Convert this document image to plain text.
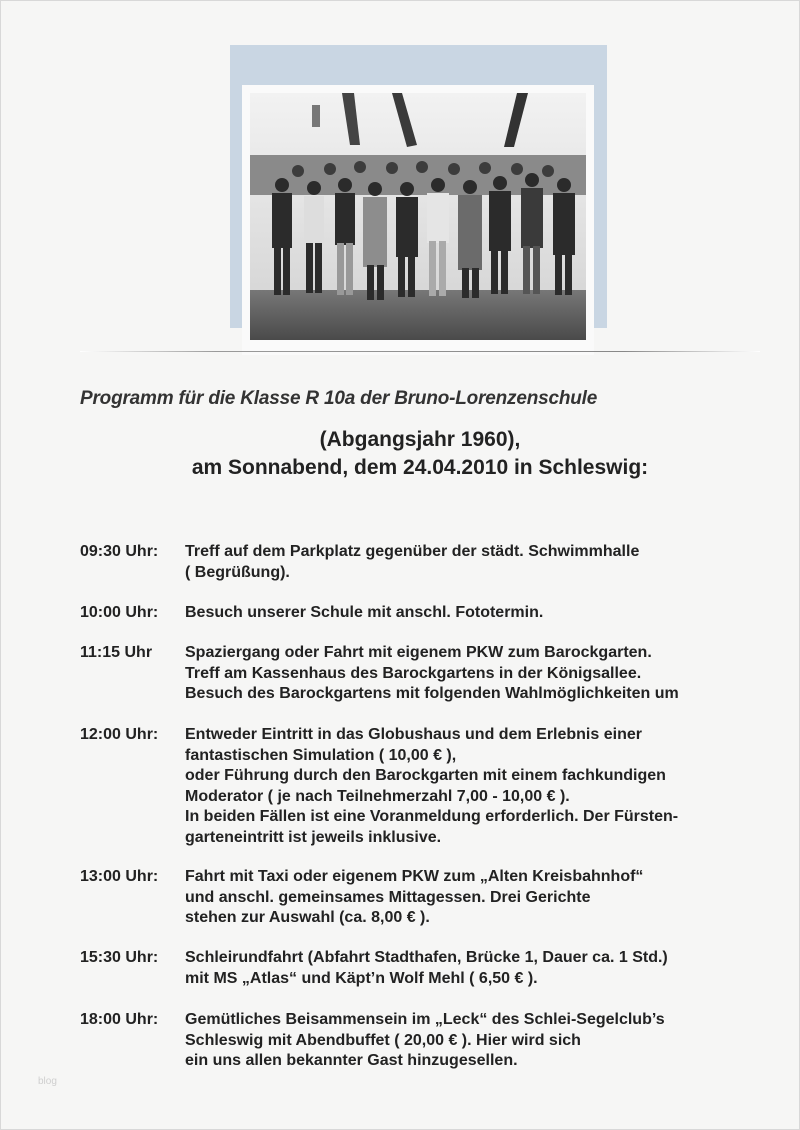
Programm für die Klasse R 10a der Bruno-Lorenzenschule
(Abgangsjahr 1960),
am Sonnabend, dem 24.04.2010 in Schleswig:
09:30 Uhr:	Treff auf dem Parkplatz gegenüber der städt. Schwimmhalle
( Begrüßung).
10:00 Uhr:	Besuch unserer Schule mit anschl. Fototermin.
11:15 Uhr	Spaziergang oder Fahrt mit eigenem PKW zum Barockgarten.
Treff am Kassenhaus des Barockgartens in der Königsallee.
Besuch des Barockgartens mit folgenden Wahlmöglichkeiten um
12:00 Uhr:	Entweder Eintritt in das Globushaus und dem Erlebnis einer
fantastischen Simulation ( 10,00 € ),
oder Führung durch den Barockgarten mit einem fachkundigen
Moderator ( je nach Teilnehmerzahl 7,00 - 10,00 € ).
In beiden Fällen ist eine Voranmeldung erforderlich. Der Fürsten-
garteneintritt ist jeweils inklusive.
13:00 Uhr:	Fahrt mit Taxi oder eigenem PKW zum „Alten Kreisbahnhof“
und anschl. gemeinsames Mittagessen. Drei Gerichte
stehen zur Auswahl (ca. 8,00 € ).
15:30 Uhr:	Schleirundfahrt (Abfahrt Stadthafen, Brücke 1, Dauer ca. 1 Std.)
mit MS „Atlas“ und Käpt’n Wolf Mehl ( 6,50 € ).
18:00 Uhr:	Gemütliches Beisammensein im „Leck“ des Schlei-Segelclub’s
Schleswig mit Abendbuffet ( 20,00 € ). Hier wird sich
ein uns allen bekannter Gast hinzugesellen.
blog
